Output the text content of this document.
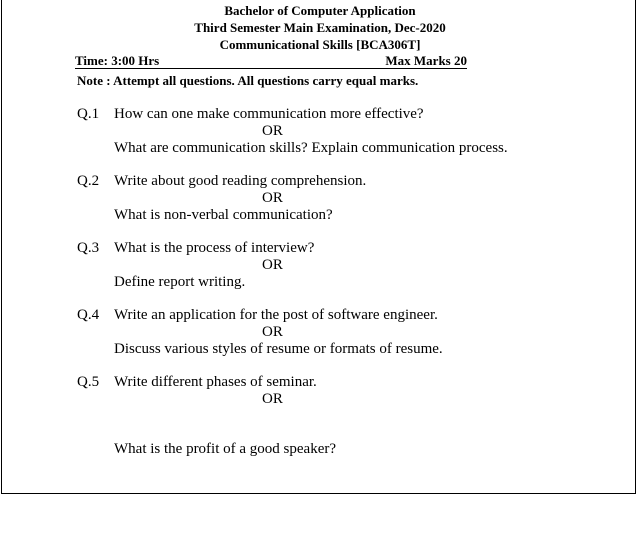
Bachelor of Computer Application
Third Semester Main Examination, Dec-2020
Communicational Skills [BCA306T]
Time: 3:00 Hrs	Max Marks 20
Note : Attempt all questions. All questions carry equal marks.
Q.1 How can one make communication more effective?
OR
What are communication skills? Explain communication process.
Q.2 Write about good reading comprehension.
OR
What is non-verbal communication?
Q.3 What is the process of interview?
OR
Define report writing.
Q.4 Write an application for the post of software engineer.
OR
Discuss various styles of resume or formats of resume.
Q.5 Write different phases of seminar.
OR
What is the profit of a good speaker?
